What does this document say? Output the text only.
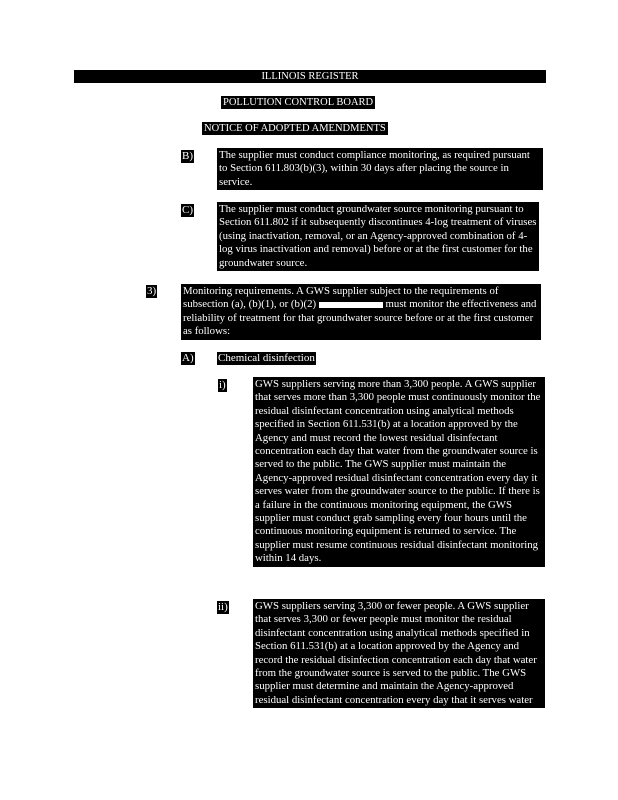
ILLINOIS REGISTER
POLLUTION CONTROL BOARD
NOTICE OF ADOPTED AMENDMENTS
B) The supplier must conduct compliance monitoring, as required pursuant to Section 611.803(b)(3), within 30 days after placing the source in service.
C) The supplier must conduct groundwater source monitoring pursuant to Section 611.802 if it subsequently discontinues 4-log treatment of viruses (using inactivation, removal, or an Agency-approved combination of 4-log virus inactivation and removal) before or at the first customer for the groundwater source.
3) Monitoring requirements. A GWS supplier subject to the requirements of subsection (a), (b)(1), or (b)(2)	must monitor the effectiveness and reliability of treatment for that groundwater source before or at the first customer as follows:
A) Chemical disinfection
i)	GWS suppliers serving more than 3,300 people. A GWS supplier that serves more than 3,300 people must continuously monitor the residual disinfectant concentration using analytical methods specified in Section 611.531(b) at a location approved by the Agency and must record the lowest residual disinfectant concentration each day that water from the groundwater source is served to the public. The GWS supplier must maintain the Agency-approved residual disinfectant concentration every day it serves water from the groundwater source to the public. If there is a failure in the continuous monitoring equipment, the GWS supplier must conduct grab sampling every four hours until the continuous monitoring equipment is returned to service. The supplier must resume continuous residual disinfectant monitoring within 14 days.
ii)	GWS suppliers serving 3,300 or fewer people. A GWS supplier that serves 3,300 or fewer people must monitor the residual disinfectant concentration using analytical methods specified in Section 611.531(b) at a location approved by the Agency and record the residual disinfection concentration each day that water from the groundwater source is served to the public. The GWS supplier must determine and maintain the Agency-approved residual disinfectant concentration every day that it serves water
